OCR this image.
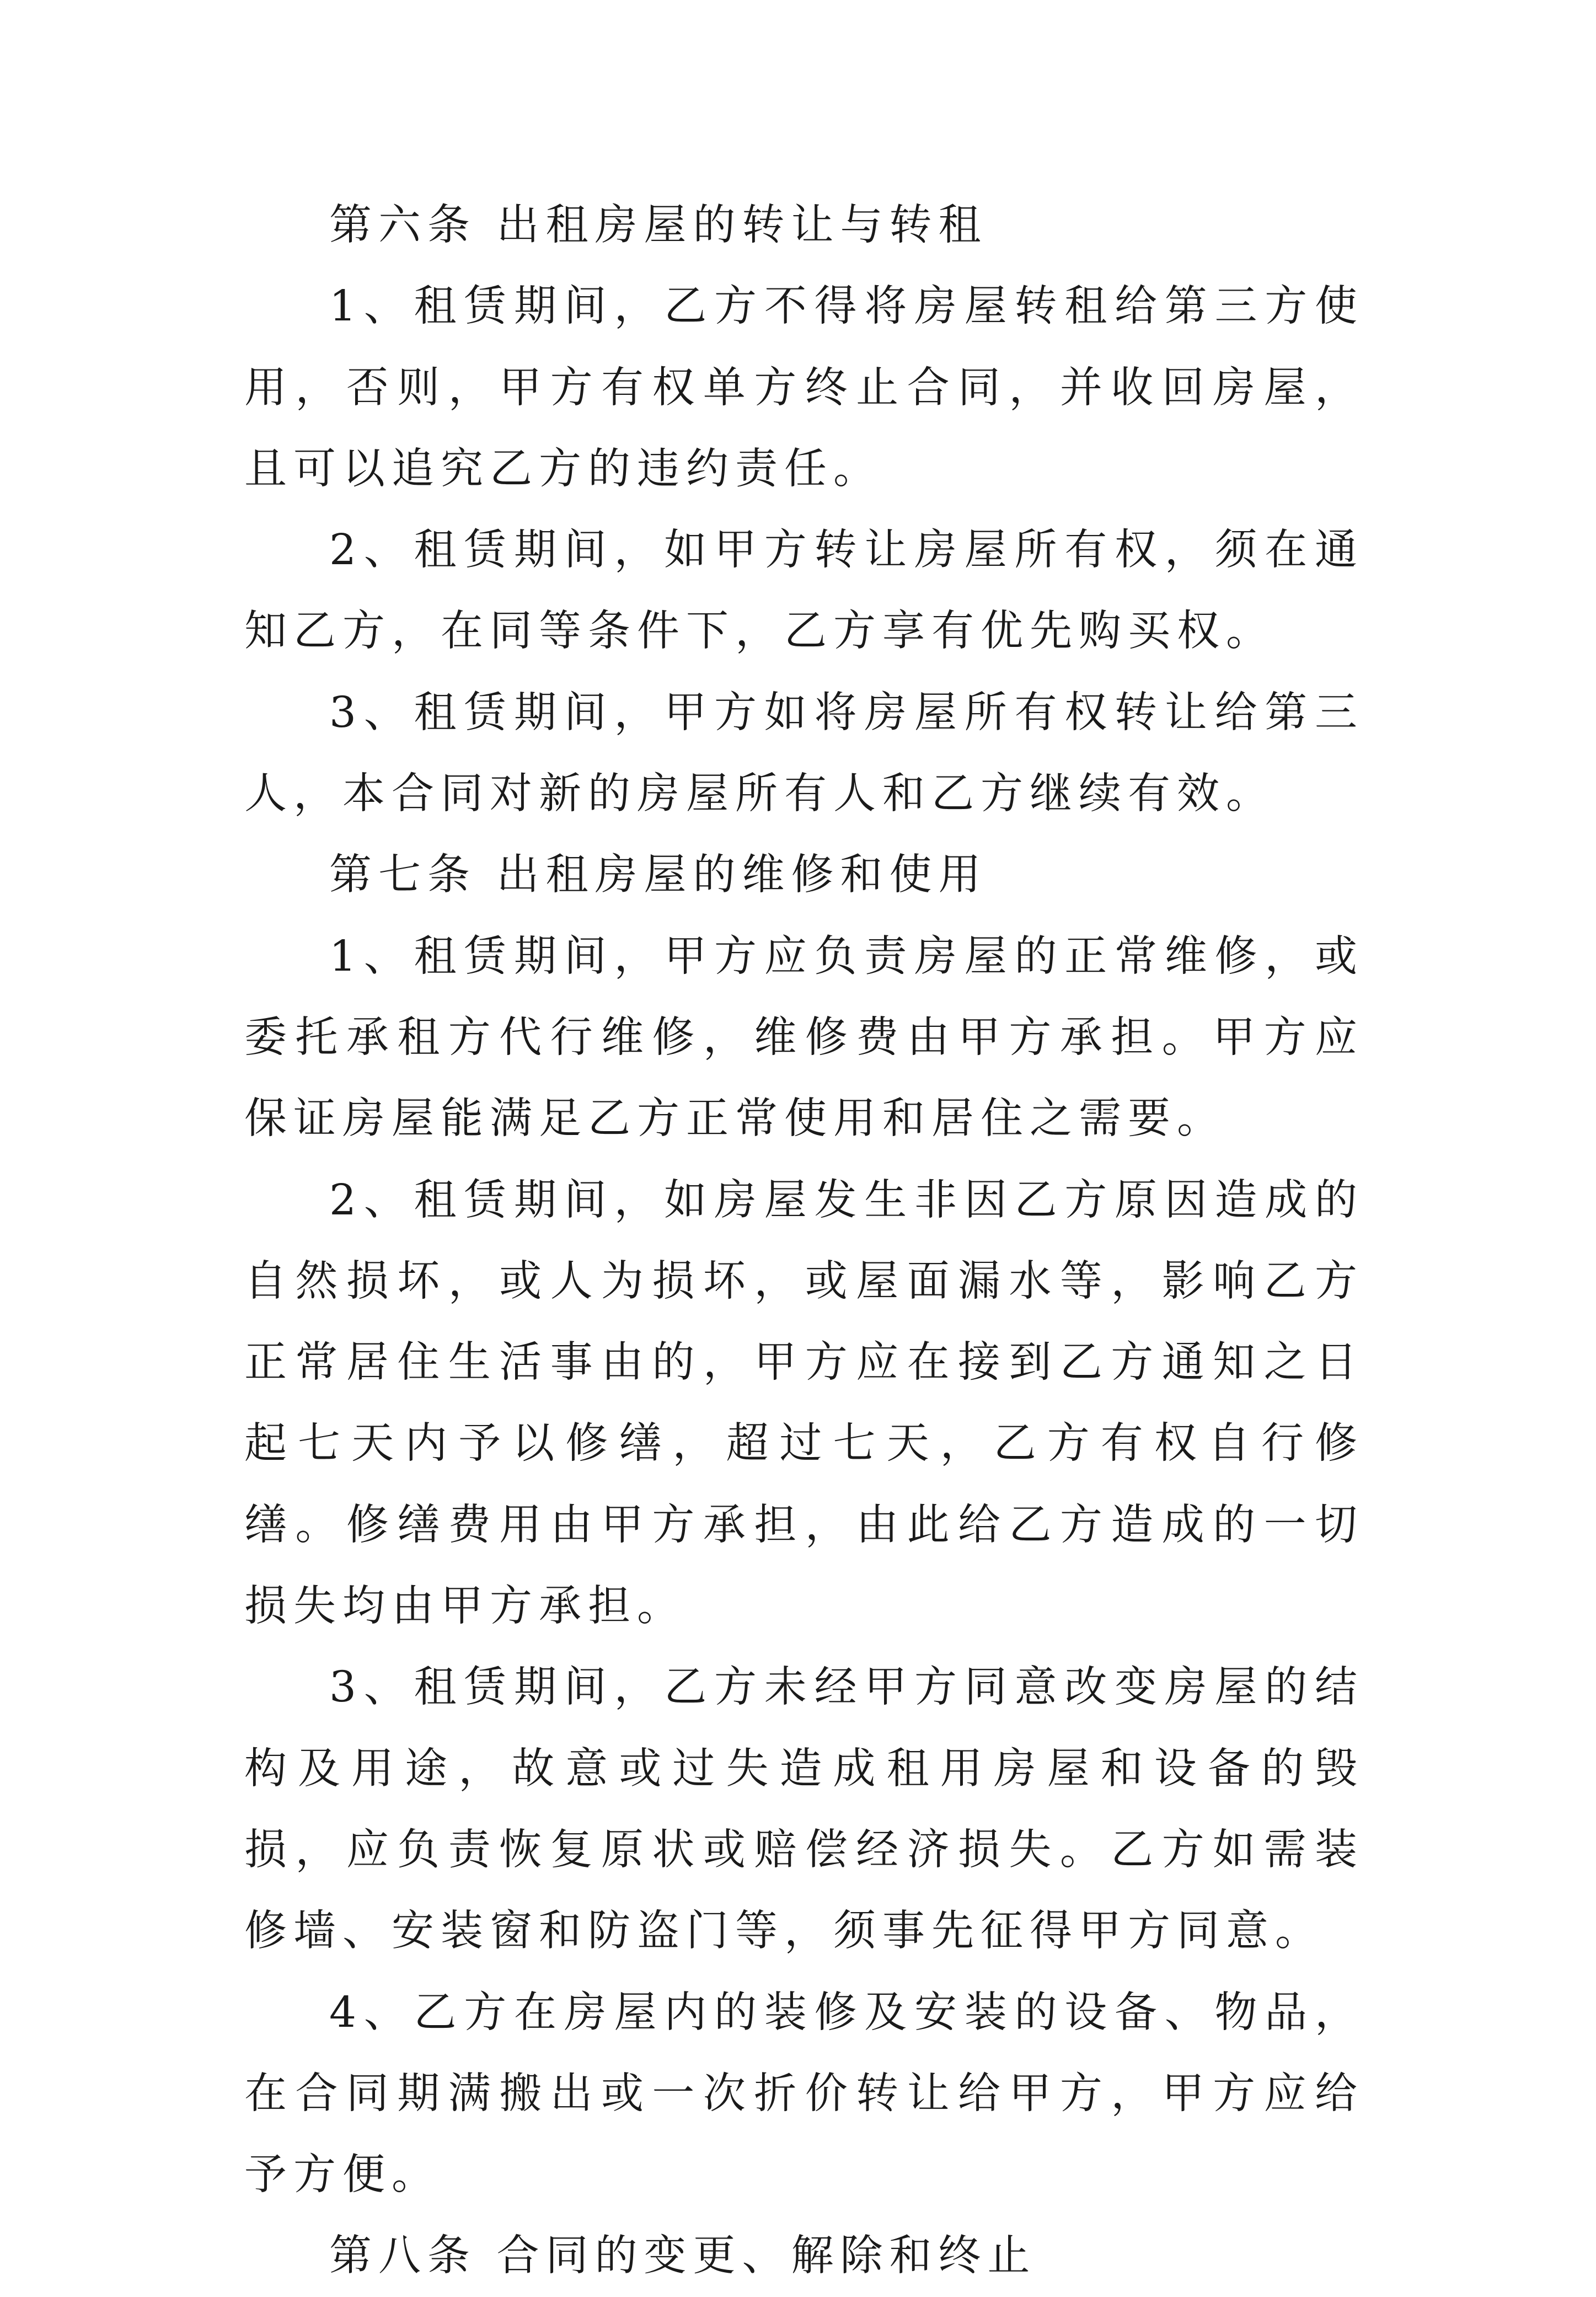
第六条 出租房屋的转让与转租

1、租赁期间，乙方不得将房屋转租给第三方使用，否则，甲方有权单方终止合同，并收回房屋，且可以追究乙方的违约责任。

2、租赁期间，如甲方转让房屋所有权，须在通知乙方，在同等条件下，乙方享有优先购买权。

3、租赁期间，甲方如将房屋所有权转让给第三人，本合同对新的房屋所有人和乙方继续有效。

第七条 出租房屋的维修和使用

1、租赁期间，甲方应负责房屋的正常维修，或委托承租方代行维修，维修费由甲方承担。甲方应保证房屋能满足乙方正常使用和居住之需要。

2、租赁期间，如房屋发生非因乙方原因造成的自然损坏，或人为损坏，或屋面漏水等，影响乙方正常居住生活事由的，甲方应在接到乙方通知之日起七天内予以修缮，超过七天，乙方有权自行修缮。修缮费用由甲方承担，由此给乙方造成的一切损失均由甲方承担。

3、租赁期间，乙方未经甲方同意改变房屋的结构及用途，故意或过失造成租用房屋和设备的毁损，应负责恢复原状或赔偿经济损失。乙方如需装修墙、安装窗和防盗门等，须事先征得甲方同意。

4、乙方在房屋内的装修及安装的设备、物品，在合同期满搬出或一次折价转让给甲方，甲方应给予方便。

第八条 合同的变更、解除和终止
